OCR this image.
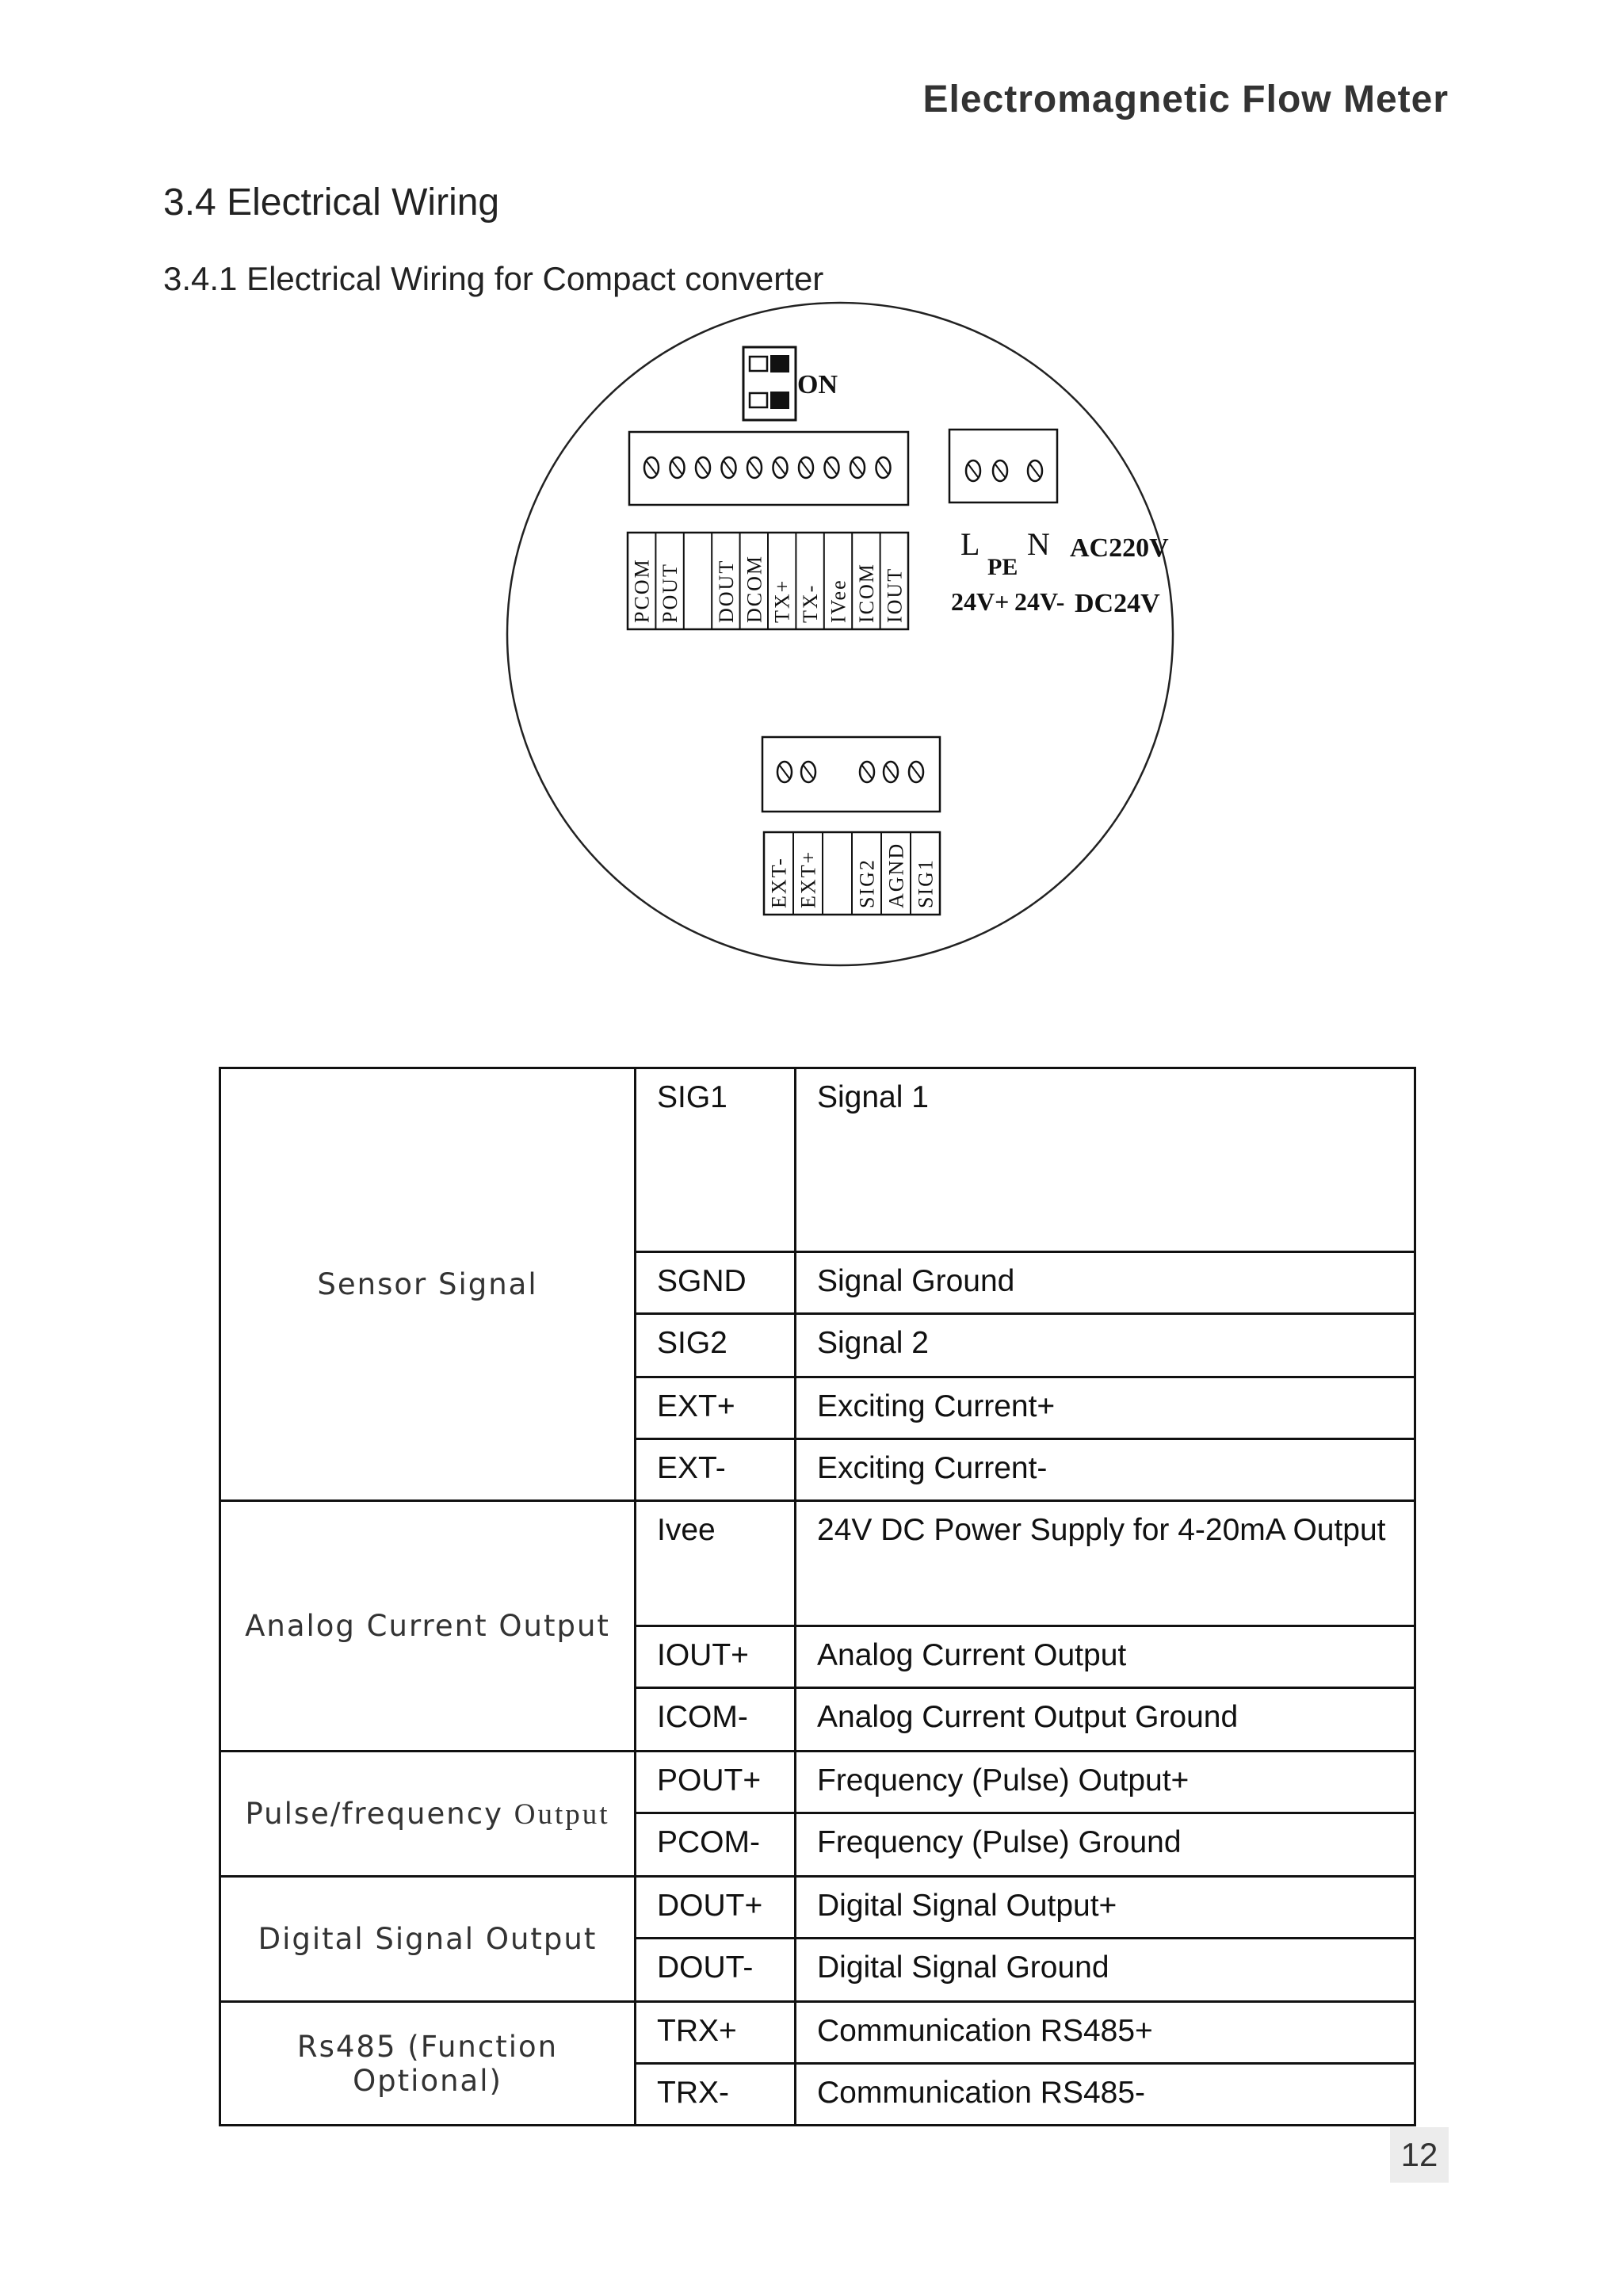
Electromagnetic Flow Meter
3.4 Electrical Wiring
3.4.1 Electrical Wiring for Compact converter
ON
PCOM POUT DOUT DCOM TX+ TX- IVee ICOM IOUT
L
PE
N AC220V
24V+ 24V- DC24V
EXT- EXT+ SIG2 AGND SIG1
Sensor Signal	SIG1	Signal 1
	SGND	Signal Ground
	SIG2	Signal 2
	EXT+	Exciting Current+
	EXT-	Exciting Current-
Analog Current Output	Ivee	24V DC Power Supply for 4-20mA Output
	IOUT+	Analog Current Output
	ICOM-	Analog Current Output Ground
Pulse/frequency Output	POUT+	Frequency (Pulse) Output+
	PCOM-	Frequency (Pulse) Ground
Digital Signal Output	DOUT+	Digital Signal Output+
	DOUT-	Digital Signal Ground
Rs485 (Function Optional)	TRX+	Communication RS485+
	TRX-	Communication RS485-
12
